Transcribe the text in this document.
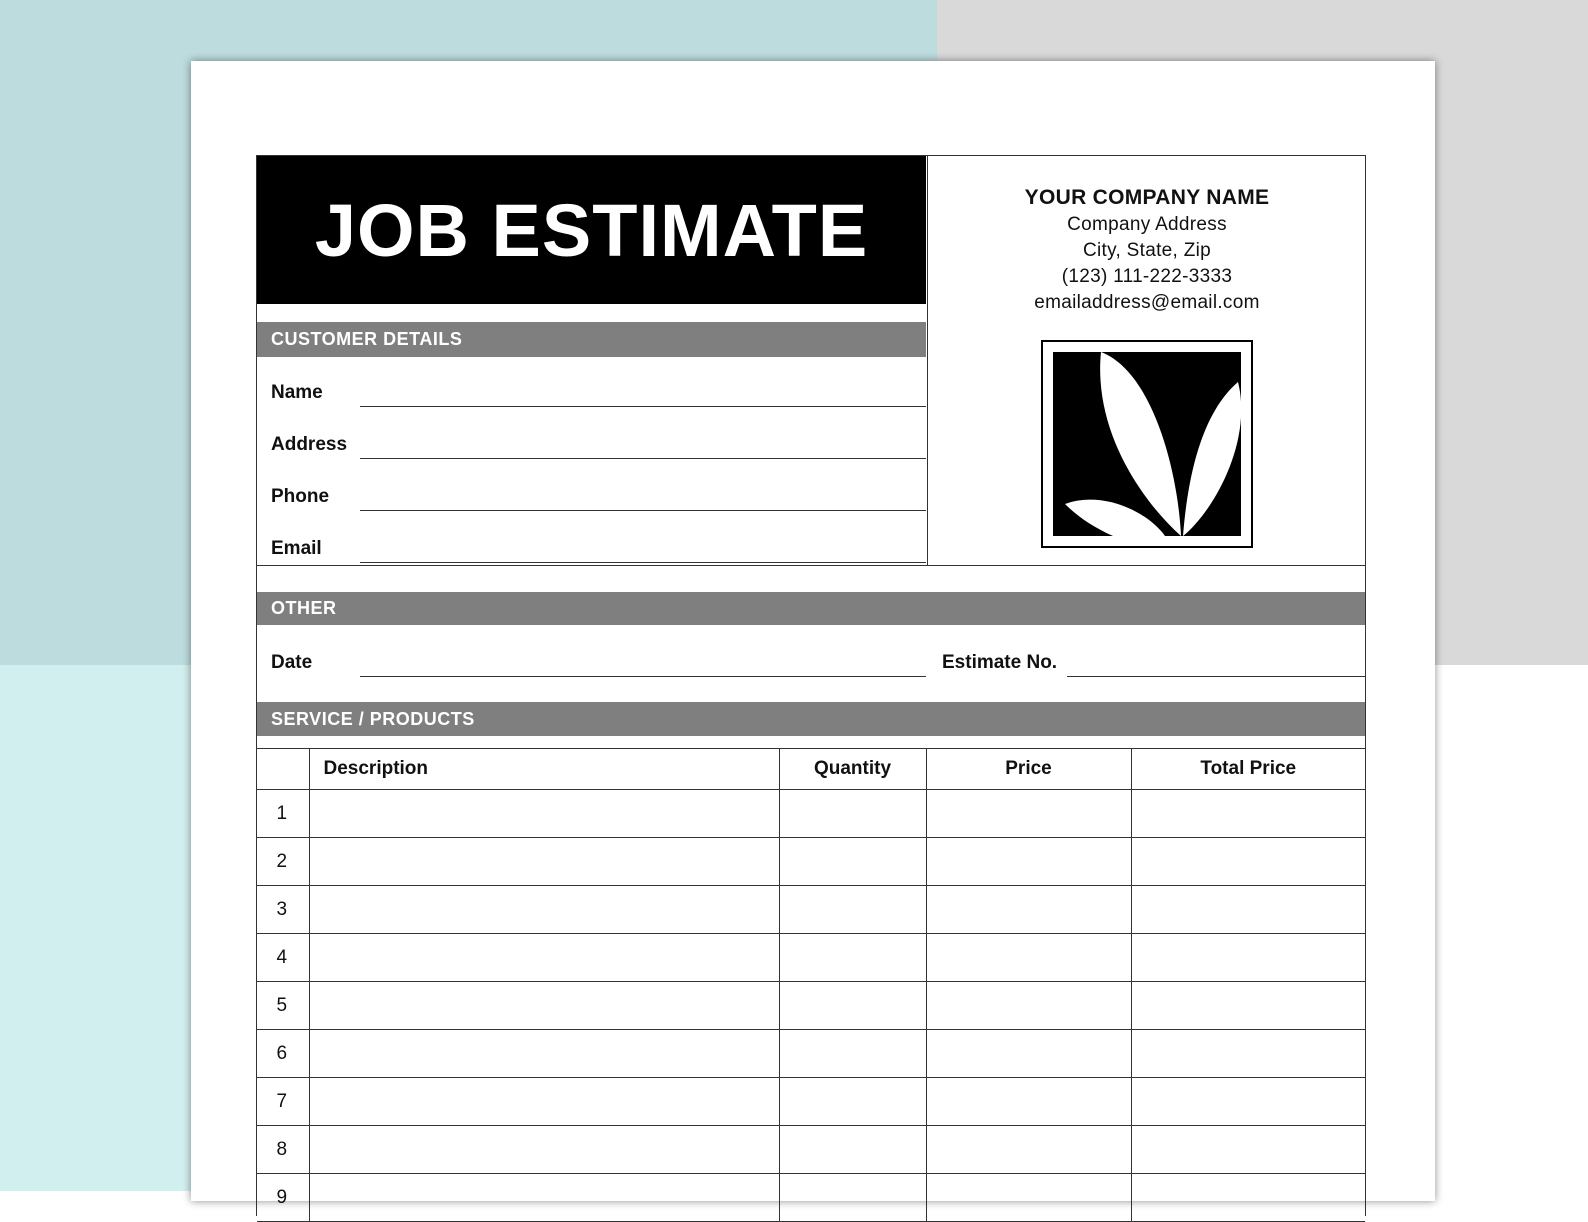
JOB ESTIMATE	YOUR COMPANY NAME
Company Address
City, State, Zip
(123) 111-222-3333
emailaddress@email.com
CUSTOMER DETAILS
Name
Address
Phone
Email
OTHER
Date	Estimate No.
SERVICE / PRODUCTS
	Description	Quantity	Price	Total Price
1				
2				
3				
4				
5				
6				
7				
8				
9				
